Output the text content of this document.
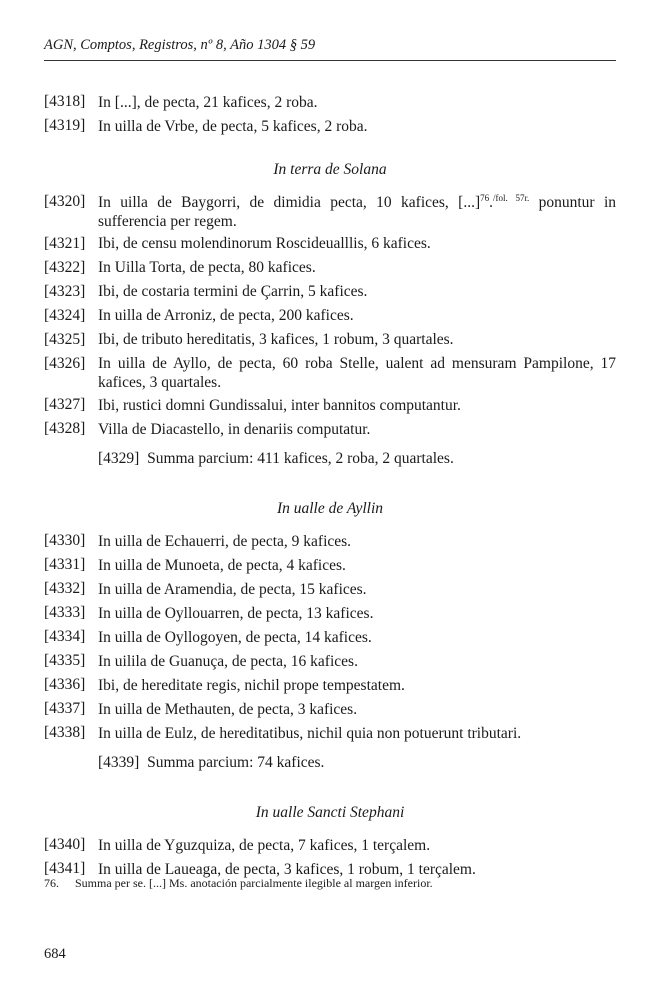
AGN, Comptos, Registros, nº 8, Año 1304 § 59
[4318] In [...], de pecta, 21 kafices, 2 roba.
[4319] In uilla de Vrbe, de pecta, 5 kafices, 2 roba.
In terra de Solana
[4320] In uilla de Baygorri, de dimidia pecta, 10 kafices, [...]$^{76}$.$^{/fol. 57r.}$ ponuntur in sufferencia per regem.
[4321] Ibi, de censu molendinorum Roscideualllis, 6 kafices.
[4322] In Uilla Torta, de pecta, 80 kafices.
[4323] Ibi, de costaria termini de Çarrin, 5 kafices.
[4324] In uilla de Arroniz, de pecta, 200 kafices.
[4325] Ibi, de tributo hereditatis, 3 kafices, 1 robum, 3 quartales.
[4326] In uilla de Ayllo, de pecta, 60 roba Stelle, ualent ad mensuram Pampilone, 17 kafices, 3 quartales.
[4327] Ibi, rustici domni Gundissalui, inter bannitos computantur.
[4328] Villa de Diacastello, in denariis computatur.
[4329] Summa parcium: 411 kafices, 2 roba, 2 quartales.
In ualle de Ayllin
[4330] In uilla de Echauerri, de pecta, 9 kafices.
[4331] In uilla de Munoeta, de pecta, 4 kafices.
[4332] In uilla de Aramendia, de pecta, 15 kafices.
[4333] In uilla de Oyllouarren, de pecta, 13 kafices.
[4334] In uilla de Oyllogoyen, de pecta, 14 kafices.
[4335] In uilila de Guanuça, de pecta, 16 kafices.
[4336] Ibi, de hereditate regis, nichil prope tempestatem.
[4337] In uilla de Methauten, de pecta, 3 kafices.
[4338] In uilla de Eulz, de hereditatibus, nichil quia non potuerunt tributari.
[4339] Summa parcium: 74 kafices.
In ualle Sancti Stephani
[4340] In uilla de Yguzquiza, de pecta, 7 kafices, 1 terçalem.
[4341] In uilla de Laueaga, de pecta, 3 kafices, 1 robum, 1 terçalem.
76. Summa per se. [...] Ms. anotación parcialmente ilegible al margen inferior.
684
